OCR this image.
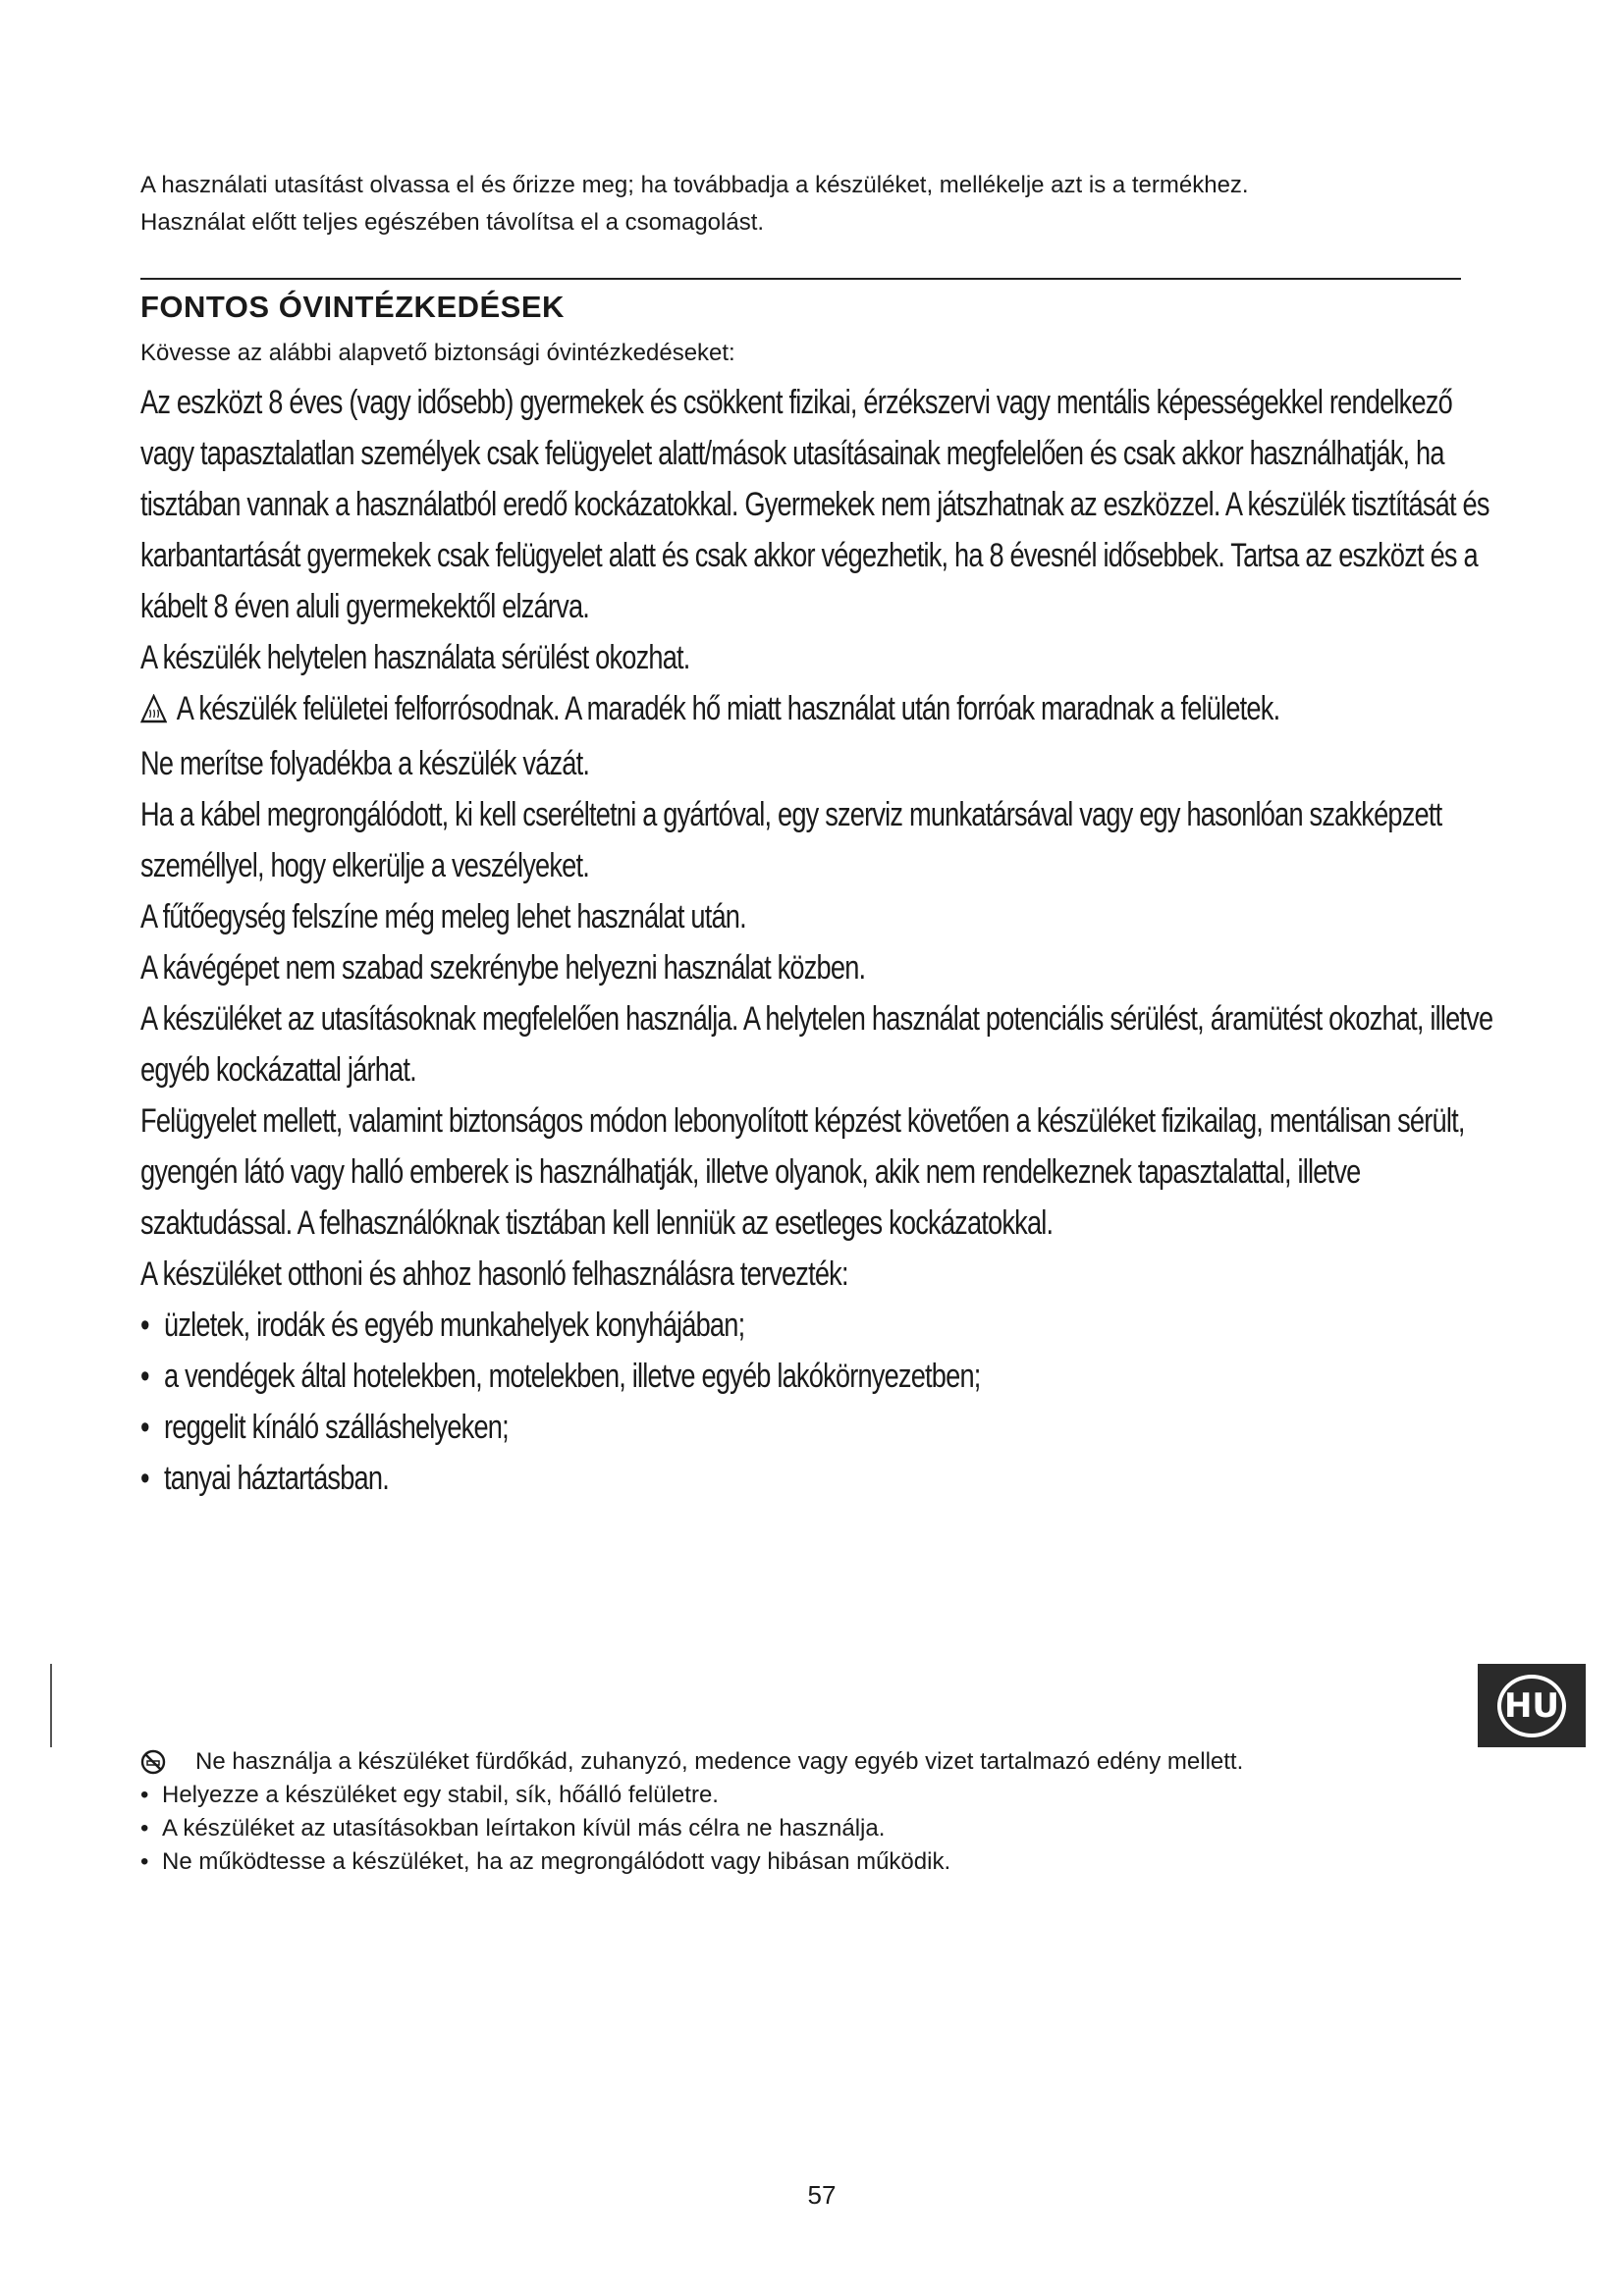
A használati utasítást olvassa el és őrizze meg; ha továbbadja a készüléket, mellékelje azt is a termékhez.

Használat előtt teljes egészében távolítsa el a csomagolást.

FONTOS ÓVINTÉZKEDÉSEK

Kövesse az alábbi alapvető biztonsági óvintézkedéseket:

Az eszközt 8 éves (vagy idősebb) gyermekek és csökkent fizikai, érzékszervi vagy mentális képességekkel rendelkező vagy tapasztalatlan személyek csak felügyelet alatt/mások utasításainak megfelelően és csak akkor használhatják, ha tisztában vannak a használatból eredő kockázatokkal. Gyermekek nem játszhatnak az eszközzel. A készülék tisztítását és karbantartását gyermekek csak felügyelet alatt és csak akkor végezhetik, ha 8 évesnél idősebbek. Tartsa az eszközt és a kábelt 8 éven aluli gyermekektől elzárva.

A készülék helytelen használata sérülést okozhat.

A készülék felületei felforrósodnak. A maradék hő miatt használat után forróak maradnak a felületek.

Ne merítse folyadékba a készülék vázát.

Ha a kábel megrongálódott, ki kell cseréltetni a gyártóval, egy szerviz munkatársával vagy egy hasonlóan szakképzett személlyel, hogy elkerülje a veszélyeket.

A fűtőegység felszíne még meleg lehet használat után.

A kávégépet nem szabad szekrénybe helyezni használat közben.

A készüléket az utasításoknak megfelelően használja. A helytelen használat potenciális sérülést, áramütést okozhat, illetve egyéb kockázattal járhat.

Felügyelet mellett, valamint biztonságos módon lebonyolított képzést követően a készüléket fizikailag, mentálisan sérült, gyengén látó vagy halló emberek is használhatják, illetve olyanok, akik nem rendelkeznek tapasztalattal, illetve szaktudással. A felhasználóknak tisztában kell lenniük az esetleges kockázatokkal.

A készüléket otthoni és ahhoz hasonló felhasználásra tervezték:

• üzletek, irodák és egyéb munkahelyek konyhájában;
• a vendégek által hotelekben, motelekben, illetve egyéb lakókörnyezetben;
• reggelit kínáló szálláshelyeken;
• tanyai háztartásban.

Ne használja a készüléket fürdőkád, zuhanyzó, medence vagy egyéb vizet tartalmazó edény mellett.

• Helyezze a készüléket egy stabil, sík, hőálló felületre.

• A készüléket az utasításokban leírtakon kívül más célra ne használja.

• Ne működtesse a készüléket, ha az megrongálódott vagy hibásan működik.

HU

57
